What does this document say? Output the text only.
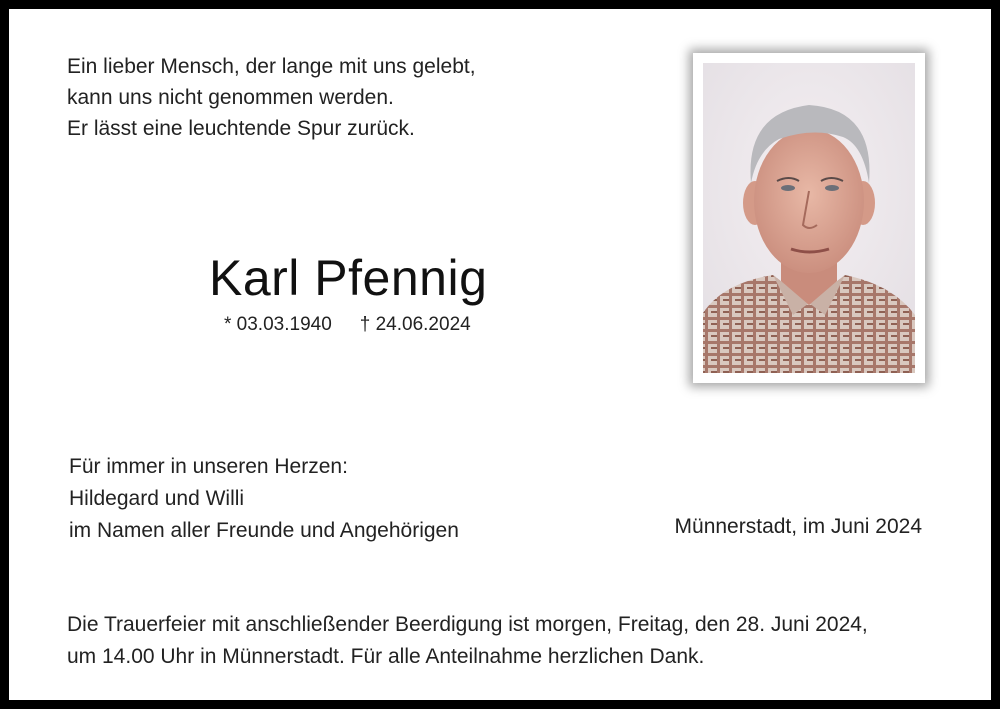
Ein lieber Mensch, der lange mit uns gelebt,
kann uns nicht genommen werden.
Er lässt eine leuchtende Spur zurück.
Karl Pfennig
* 03.03.1940 † 24.06.2024
Für immer in unseren Herzen:
Hildegard und Willi
im Namen aller Freunde und Angehörigen	Münnerstadt, im Juni 2024
Die Trauerfeier mit anschließender Beerdigung ist morgen, Freitag, den 28. Juni 2024,
um 14.00 Uhr in Münnerstadt. Für alle Anteilnahme herzlichen Dank.
